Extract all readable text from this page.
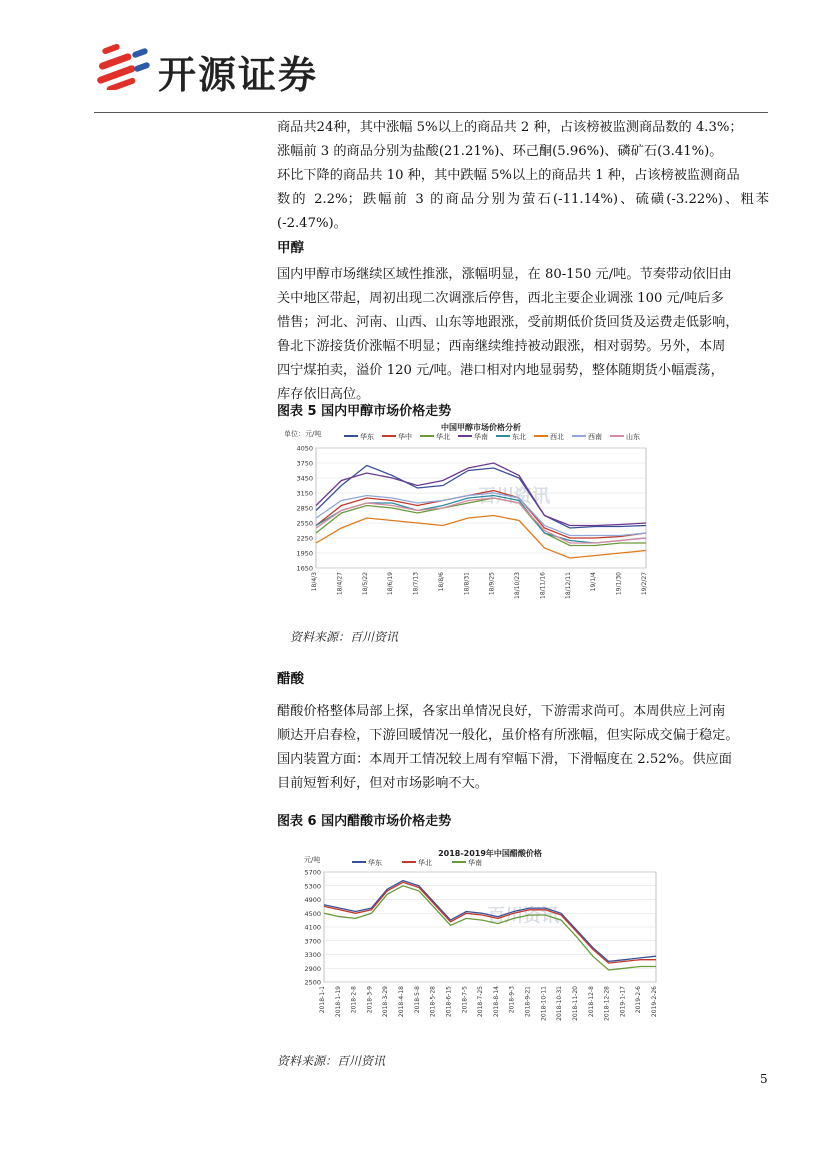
开源证券
商品共24种，其中涨幅 5%以上的商品共 2 种，占该榜被监测商品数的 4.3%；
涨幅前 3 的商品分别为盐酸(21.21%)、环己酮(5.96%)、磷矿石(3.41%)。
环比下降的商品共 10 种，其中跌幅 5%以上的商品共 1 种，占该榜被监测商品
数的 2.2%；跌幅前 3 的商品分别为萤石(-11.14%)、硫磺(-3.22%)、粗苯(-2.47%)。
甲醇
国内甲醇市场继续区域性推涨，涨幅明显，在 80-150 元/吨。节奏带动依旧由
关中地区带起，周初出现二次调涨后停售，西北主要企业调涨 100 元/吨后多
惜售；河北、河南、山西、山东等地跟涨，受前期低价货回货及运费走低影响，
鲁北下游接货价涨幅不明显；西南继续维持被动跟涨，相对弱势。另外，本周
四宁煤拍卖，溢价 120 元/吨。港口相对内地显弱势，整体随期货小幅震荡，
库存依旧高位。
图表 5 国内甲醇市场价格走势
中国甲醇市场价格分析
单位：元/吨	华东	华中	华北	华南	东北	西北	西南	山东
1650
1950
2250
2550
2850
3150
3450
3750
4050
百川资讯
18/4/3	18/4/27	18/5/22	18/6/19	18/7/13	18/8/6	18/8/31	18/9/25	18/10/23	18/11/16	18/12/11	19/1/4	19/1/30	19/2/27
资料来源：百川资讯
醋酸
醋酸价格整体局部上探，各家出单情况良好，下游需求尚可。本周供应上河南
顺达开启春检，下游回暖情况一般化，虽价格有所涨幅，但实际成交偏于稳定。
国内装置方面：本周开工情况较上周有窄幅下滑，下滑幅度在 2.52%。供应面
目前短暂利好，但对市场影响不大。
图表 6 国内醋酸市场价格走势
2018-2019年中国醋酸价格
元/吨	华东	华北	华南
2500
2900
3300
3700
4100
4500
4900
5300
5700
百川资讯
2018-1-1 2018-1-19 2018-2-8 2018-3-9 2018-3-29 2018-4-18 2018-5-8 2018-5-28 2018-6-15 2018-7-5 2018-7-25 2018-8-14 2018-9-3 2018-9-21 2018-10-11 2018-10-31 2018-11-20 2018-12-8 2018-12-28 2019-1-17 2019-2-6 2019-2-26
资料来源：百川资讯
5
